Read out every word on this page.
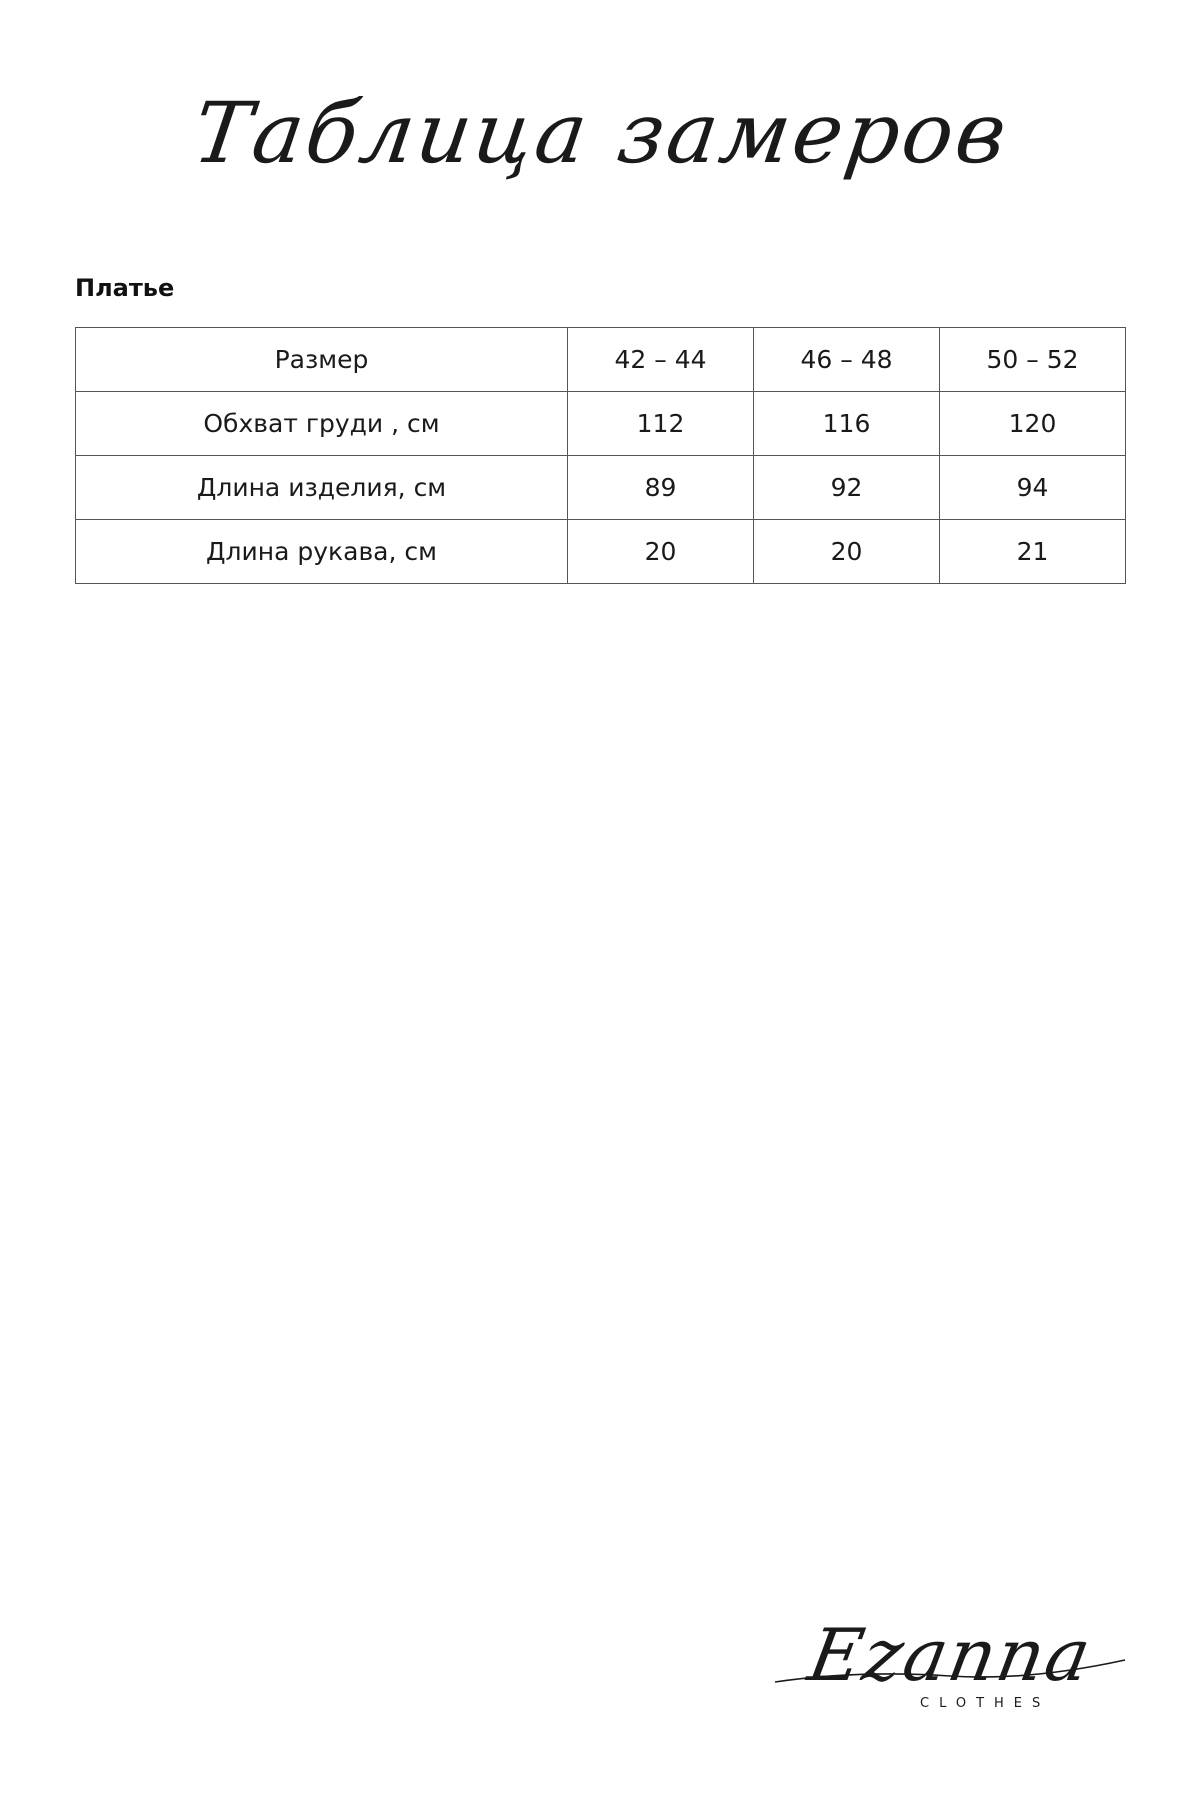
Таблица замеров
Платье
Размер	42 – 44	46 – 48	50 – 52
Обхват груди , см	112	116	120
Длина изделия, см	89	92	94
Длина рукава, см	20	20	21
Ezanna
CLOTHES
